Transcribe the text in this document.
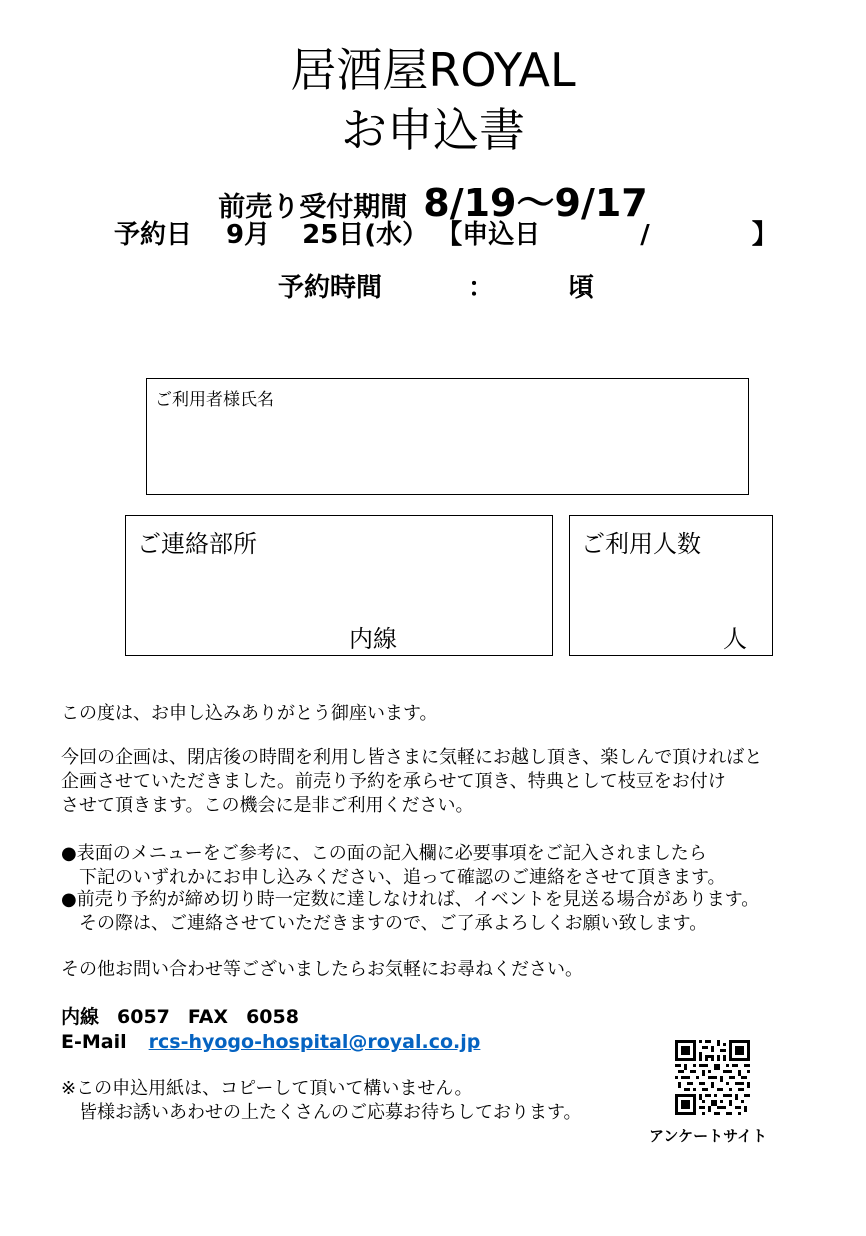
居酒屋ROYAL
お申込書
前売り受付期間 8/19～9/17
予約日 9月 25日(水） 【申込日	/	】
予約時間	：	頃
ご利用者様氏名
ご連絡部所
内線
ご利用人数
人
この度は、お申し込みありがとう御座います。
今回の企画は、閉店後の時間を利用し皆さまに気軽にお越し頂き、楽しんで頂ければと
企画させていただきました。前売り予約を承らせて頂き、特典として枝豆をお付け
させて頂きます。この機会に是非ご利用ください。
●表面のメニューをご参考に、この面の記入欄に必要事項をご記入されましたら
　下記のいずれかにお申し込みください、追って確認のご連絡をさせて頂きます。
●前売り予約が締め切り時一定数に達しなければ、イベントを見送る場合があります。
　その際は、ご連絡させていただきますので、ご了承よろしくお願い致します。
その他お問い合わせ等ございましたらお気軽にお尋ねください。
内線 6057 FAX 6058
E-Mail rcs-hyogo-hospital@royal.co.jp
※この申込用紙は、コピーして頂いて構いません。
　皆様お誘いあわせの上たくさんのご応募お待ちしております。
アンケートサイト
